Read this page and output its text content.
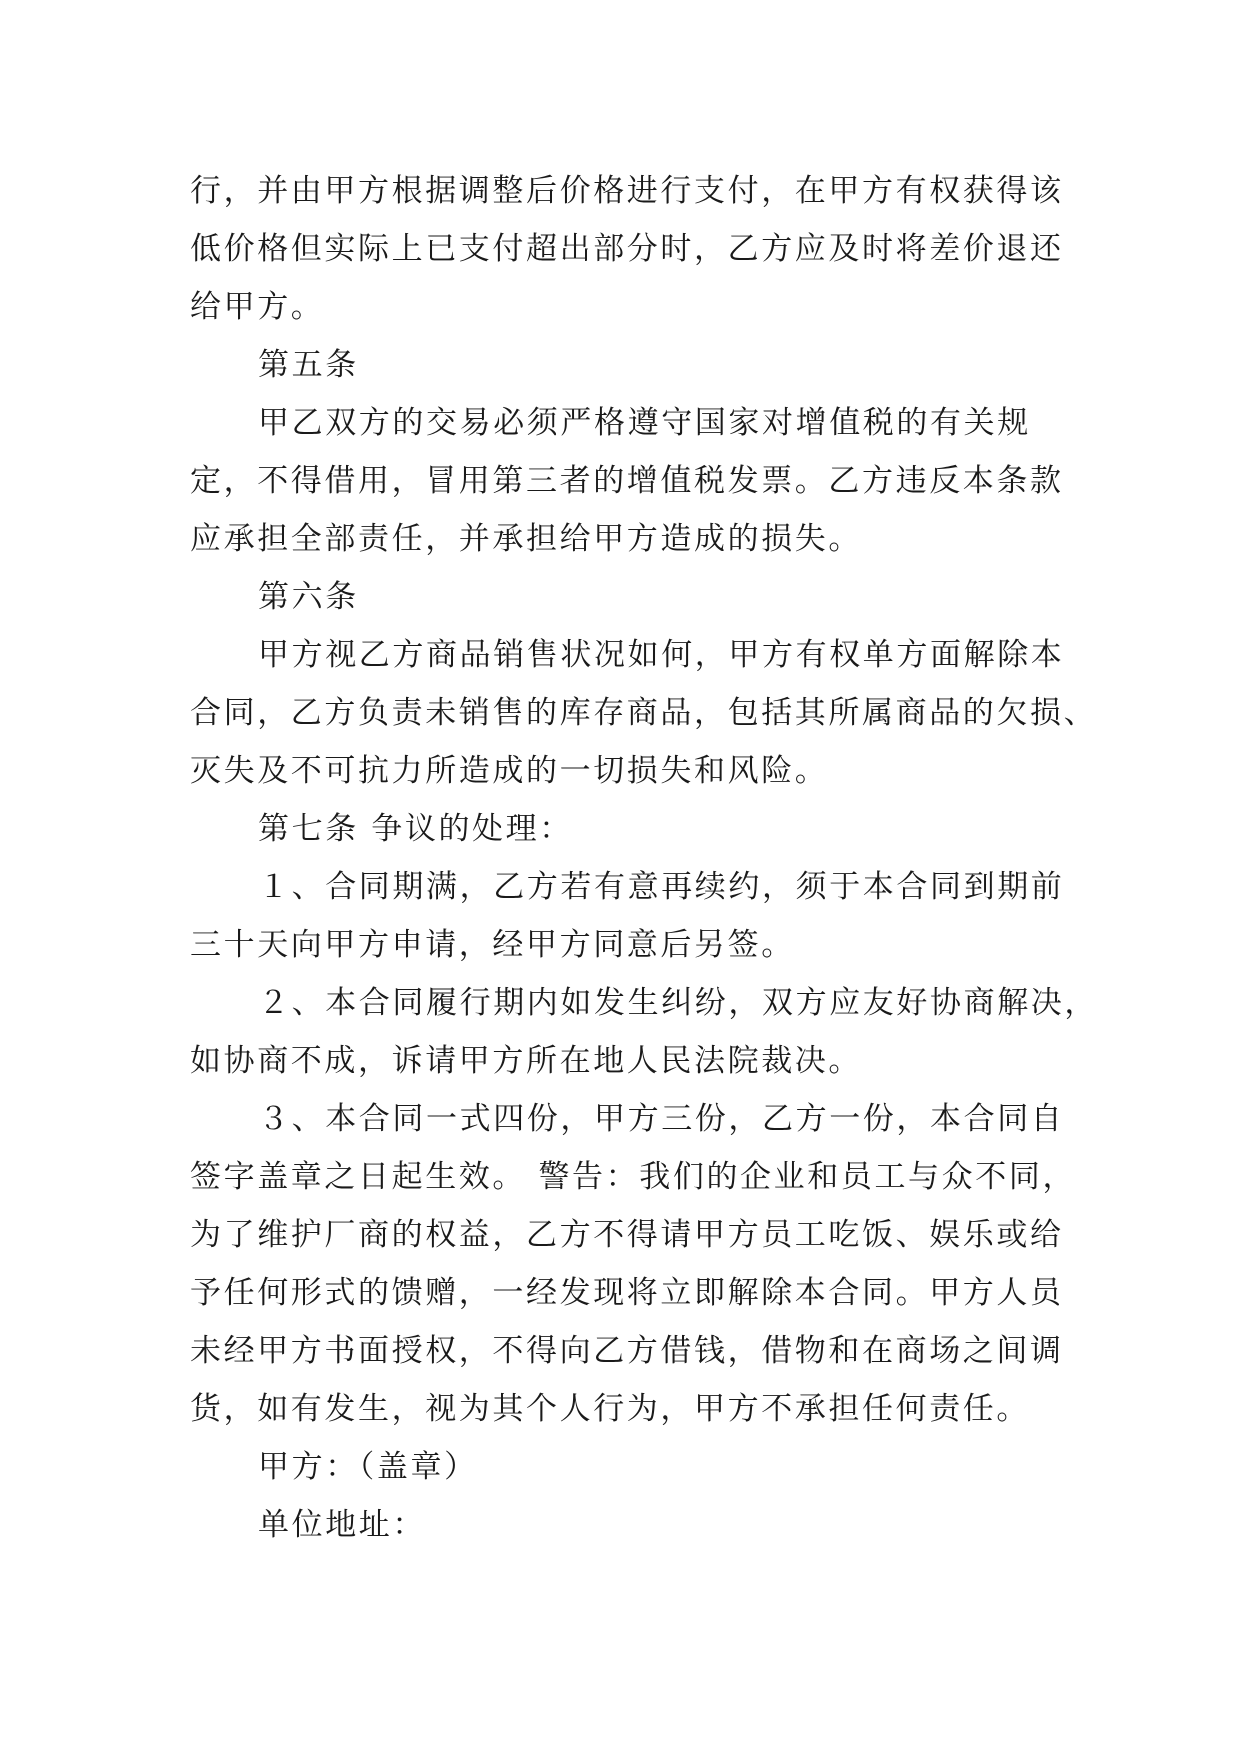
行，并由甲方根据调整后价格进行支付，在甲方有权获得该
低价格但实际上已支付超出部分时，乙方应及时将差价退还
给甲方。
第五条
甲乙双方的交易必须严格遵守国家对增值税的有关规
定，不得借用，冒用第三者的增值税发票。乙方违反本条款
应承担全部责任，并承担给甲方造成的损失。
第六条
甲方视乙方商品销售状况如何，甲方有权单方面解除本
合同，乙方负责未销售的库存商品，包括其所属商品的欠损、
灭失及不可抗力所造成的一切损失和风险。
第七条 争议的处理：
１、合同期满，乙方若有意再续约，须于本合同到期前
三十天向甲方申请，经甲方同意后另签。
２、本合同履行期内如发生纠纷，双方应友好协商解决，
如协商不成，诉请甲方所在地人民法院裁决。
３、本合同一式四份，甲方三份，乙方一份，本合同自
签字盖章之日起生效。 警告：我们的企业和员工与众不同，
为了维护厂商的权益，乙方不得请甲方员工吃饭、娱乐或给
予任何形式的馈赠，一经发现将立即解除本合同。甲方人员
未经甲方书面授权，不得向乙方借钱，借物和在商场之间调
货，如有发生，视为其个人行为，甲方不承担任何责任。
甲方：（盖章）
单位地址：
